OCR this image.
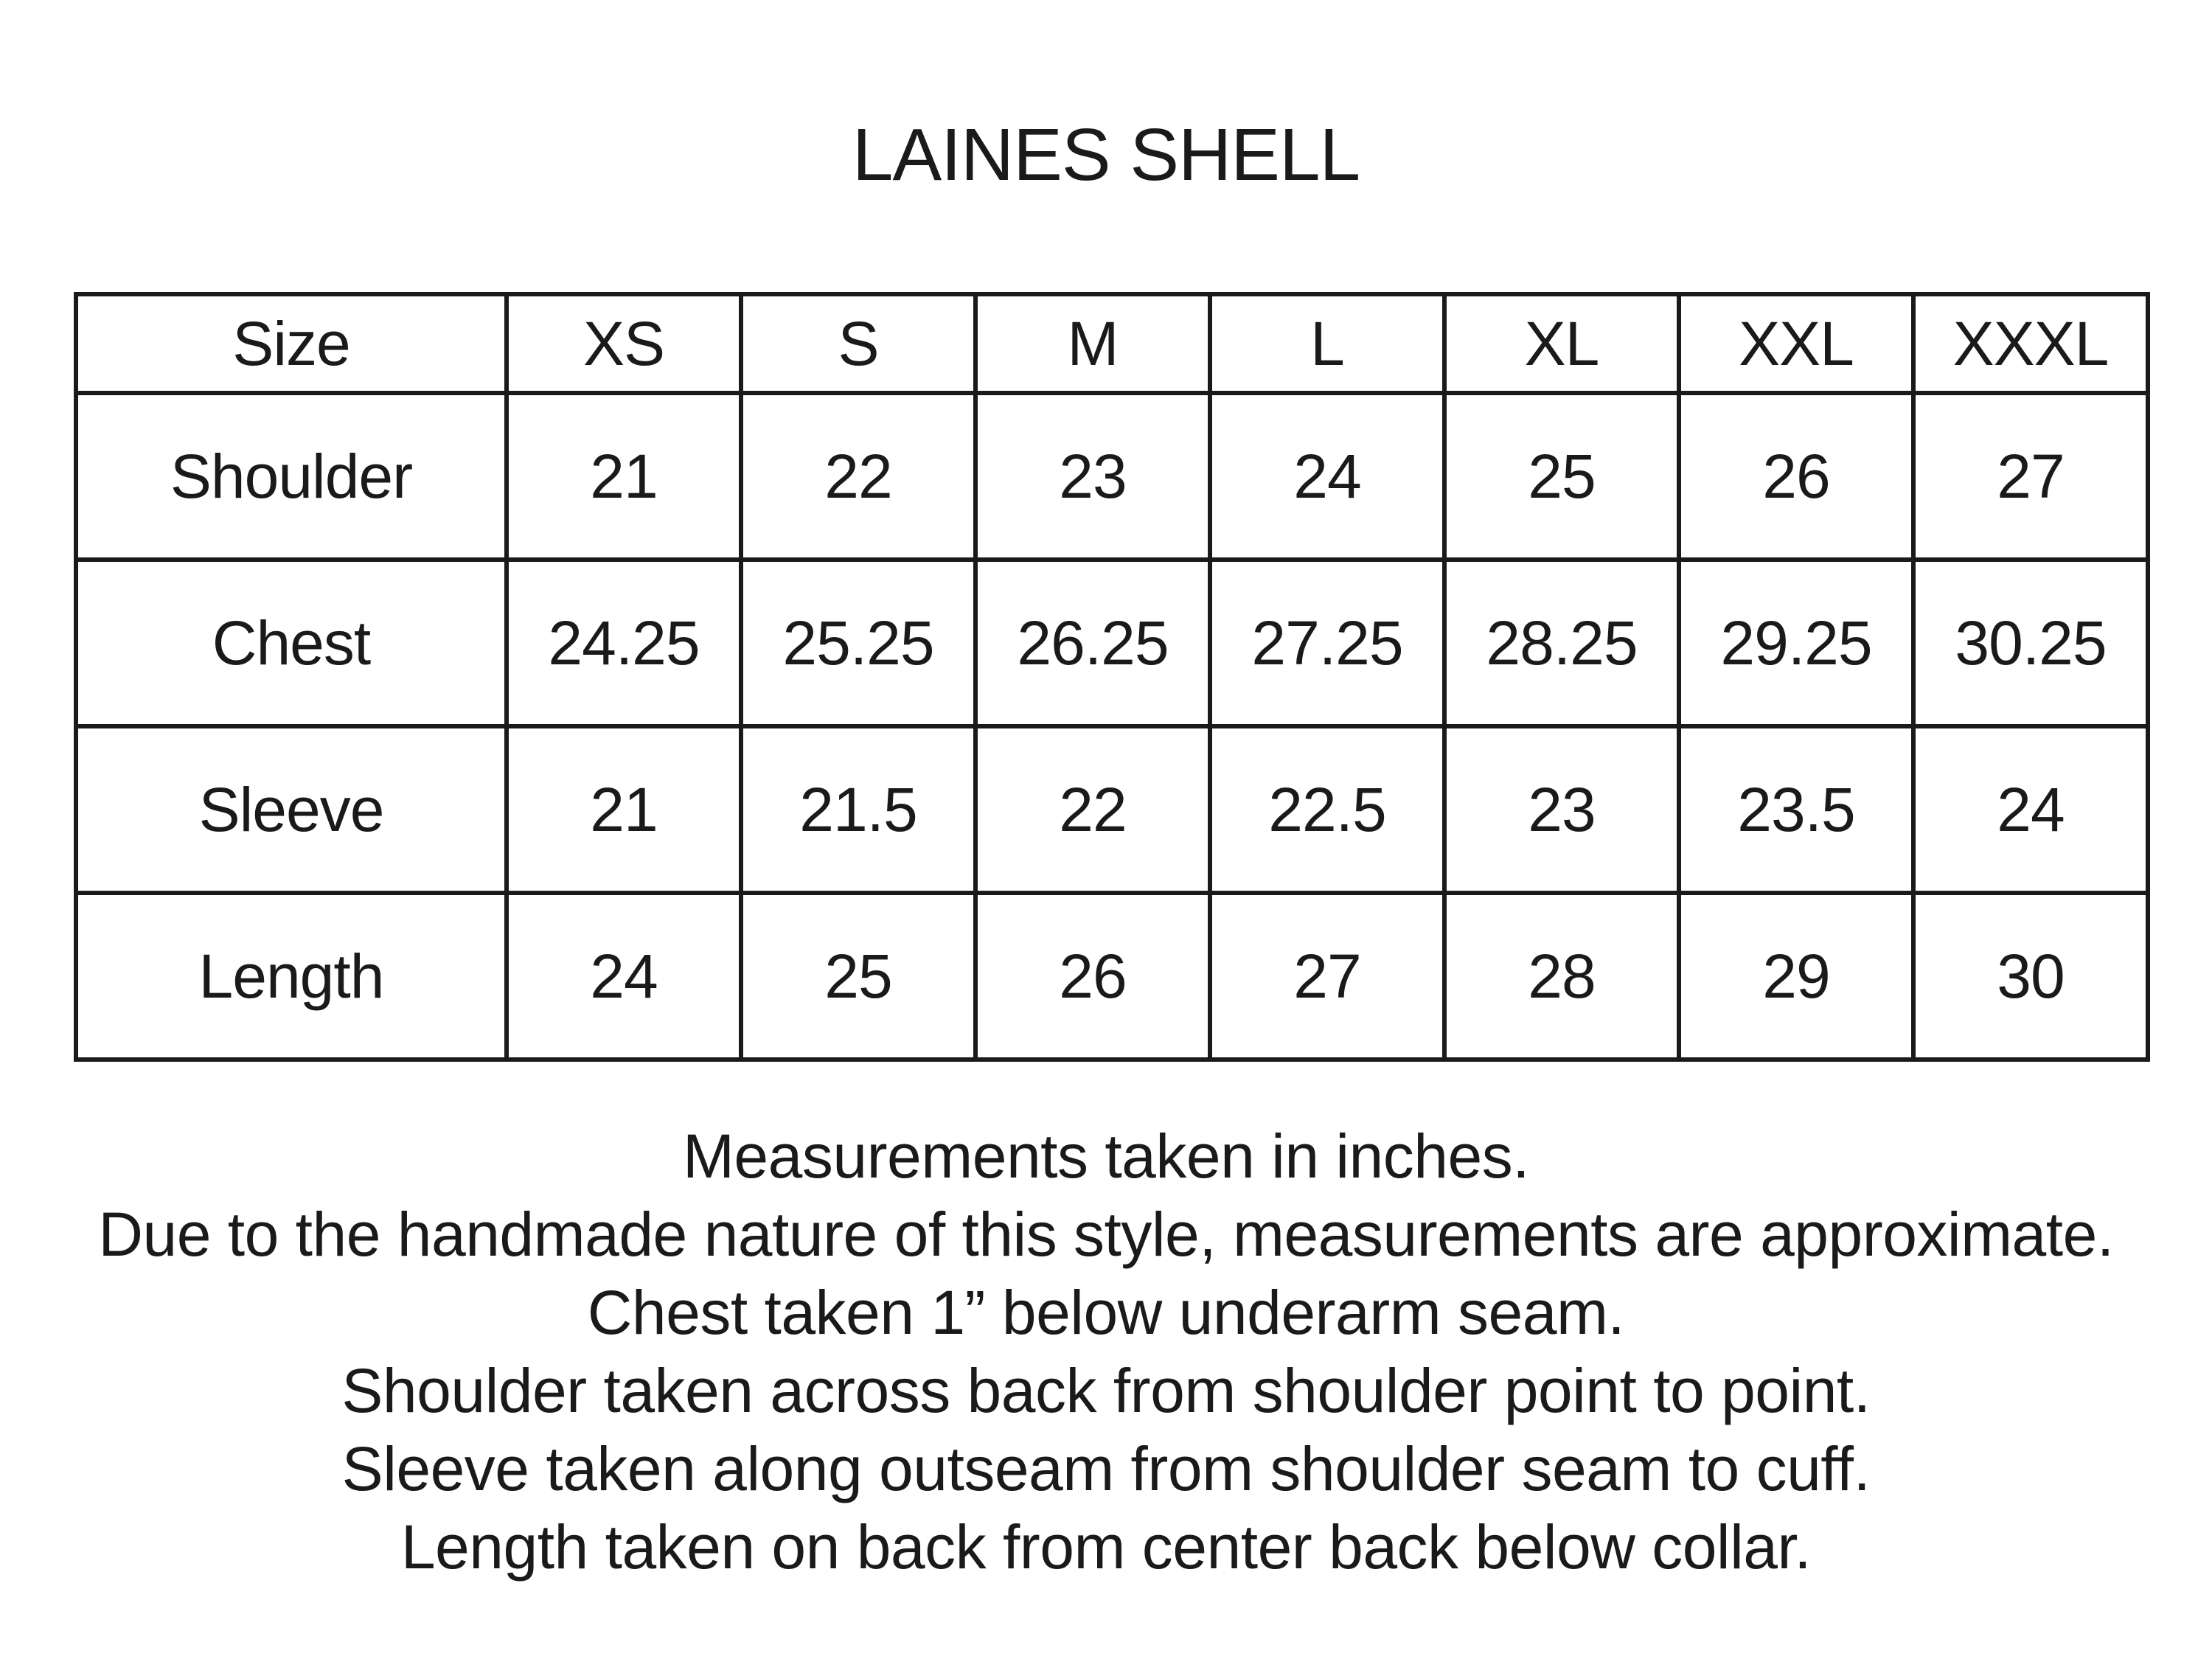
LAINES SHELL
Size	XS	S	M	L	XL	XXL	XXXL
Shoulder	21	22	23	24	25	26	27
Chest	24.25	25.25	26.25	27.25	28.25	29.25	30.25
Sleeve	21	21.5	22	22.5	23	23.5	24
Length	24	25	26	27	28	29	30
Measurements taken in inches.
Due to the handmade nature of this style, measurements are approximate.
Chest taken 1” below underarm seam.
Shoulder taken across back from shoulder point to point.
Sleeve taken along outseam from shoulder seam to cuff.
Length taken on back from center back below collar.
